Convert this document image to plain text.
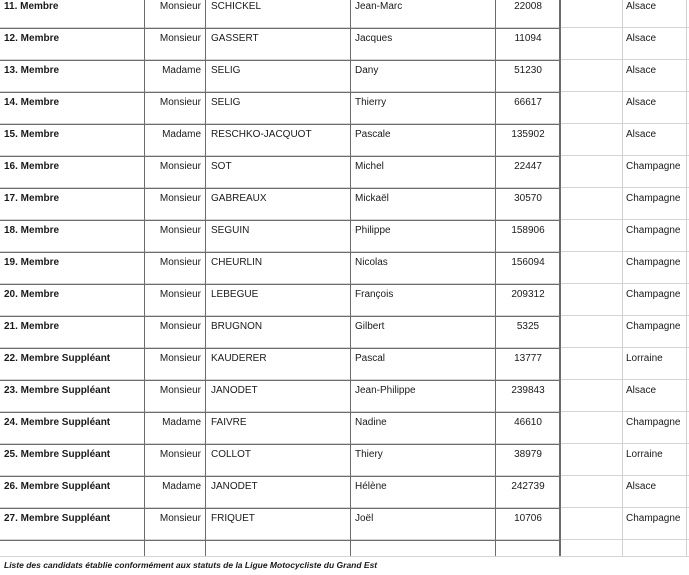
11. Membre	Monsieur	SCHICKEL	Jean-Marc	22008	Alsace
12. Membre	Monsieur	GASSERT	Jacques	11094	Alsace
13. Membre	Madame	SELIG	Dany	51230	Alsace
14. Membre	Monsieur	SELIG	Thierry	66617	Alsace
15. Membre	Madame	RESCHKO-JACQUOT	Pascale	135902	Alsace
16. Membre	Monsieur	SOT	Michel	22447	Champagne
17. Membre	Monsieur	GABREAUX	Mickaël	30570	Champagne
18. Membre	Monsieur	SEGUIN	Philippe	158906	Champagne
19. Membre	Monsieur	CHEURLIN	Nicolas	156094	Champagne
20. Membre	Monsieur	LEBEGUE	François	209312	Champagne
21. Membre	Monsieur	BRUGNON	Gilbert	5325	Champagne
22. Membre Suppléant	Monsieur	KAUDERER	Pascal	13777	Lorraine
23. Membre Suppléant	Monsieur	JANODET	Jean-Philippe	239843	Alsace
24. Membre Suppléant	Madame	FAIVRE	Nadine	46610	Champagne
25. Membre Suppléant	Monsieur	COLLOT	Thiery	38979	Lorraine
26. Membre Suppléant	Madame	JANODET	Hélène	242739	Alsace
27. Membre Suppléant	Monsieur	FRIQUET	Joël	10706	Champagne
Liste des candidats établie conformément aux statuts de la Ligue Motocycliste du Grand Est
